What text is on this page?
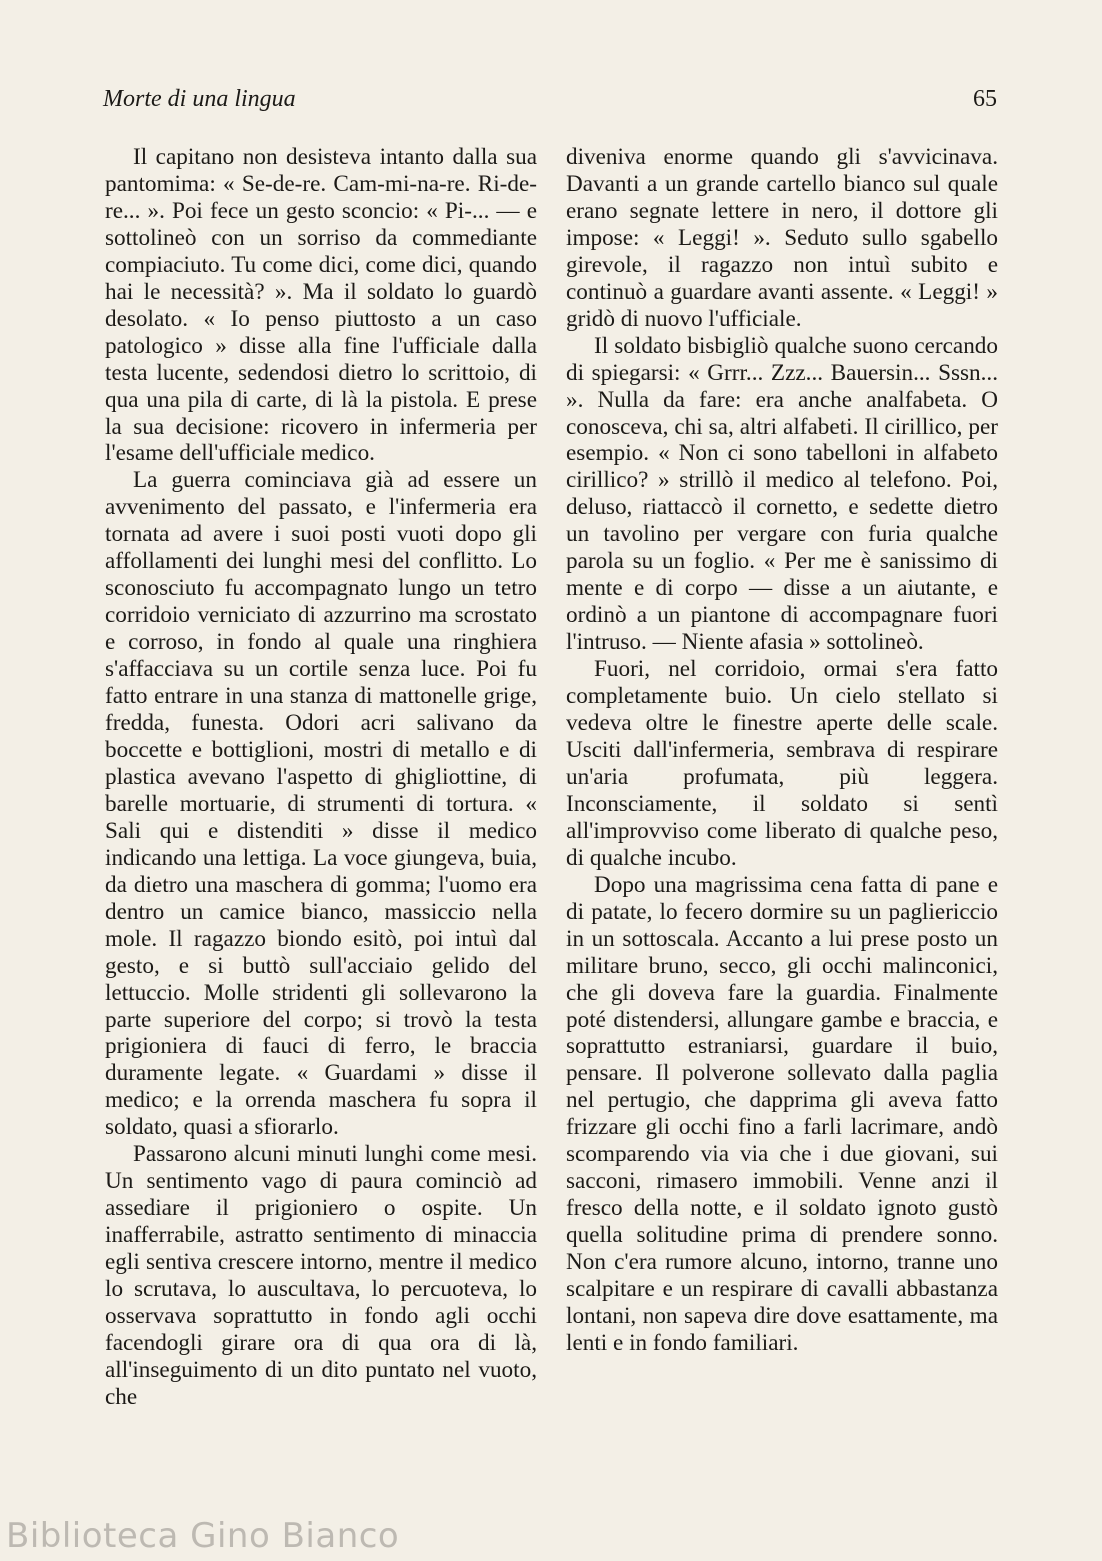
Morte di una lingua	65

Il capitano non desisteva intanto dalla sua pantomima: « Se-de-re. Cam-mi-na-re. Ri-de-re... ». Poi fece un gesto sconcio: « Pi-... — e sottolineò con un sorriso da commediante compiaciuto. Tu come dici, come dici, quando hai le necessità? ». Ma il soldato lo guardò desolato. « Io penso piuttosto a un caso patologico » disse alla fine l'ufficiale dalla testa lucente, sedendosi dietro lo scrittoio, di qua una pila di carte, di là la pistola. E prese la sua decisione: ricovero in infermeria per l'esame dell'ufficiale medico.

La guerra cominciava già ad essere un avvenimento del passato, e l'infermeria era tornata ad avere i suoi posti vuoti dopo gli affollamenti dei lunghi mesi del conflitto. Lo sconosciuto fu accompagnato lungo un tetro corridoio verniciato di azzurrino ma scrostato e corroso, in fondo al quale una ringhiera s'affacciava su un cortile senza luce. Poi fu fatto entrare in una stanza di mattonelle grige, fredda, funesta. Odori acri salivano da boccette e bottiglioni, mostri di metallo e di plastica avevano l'aspetto di ghigliottine, di barelle mortuarie, di strumenti di tortura. « Sali qui e distenditi » disse il medico indicando una lettiga. La voce giungeva, buia, da dietro una maschera di gomma; l'uomo era dentro un camice bianco, massiccio nella mole. Il ragazzo biondo esitò, poi intuì dal gesto, e si buttò sull'acciaio gelido del lettuccio. Molle stridenti gli sollevarono la parte superiore del corpo; si trovò la testa prigioniera di fauci di ferro, le braccia duramente legate. « Guardami » disse il medico; e la orrenda maschera fu sopra il soldato, quasi a sfiorarlo.

Passarono alcuni minuti lunghi come mesi. Un sentimento vago di paura cominciò ad assediare il prigioniero o ospite. Un inafferrabile, astratto sentimento di minaccia egli sentiva crescere intorno, mentre il medico lo scrutava, lo auscultava, lo percuoteva, lo osservava soprattutto in fondo agli occhi facendogli girare ora di qua ora di là, all'inseguimento di un dito puntato nel vuoto, che

diveniva enorme quando gli s'avvicinava. Davanti a un grande cartello bianco sul quale erano segnate lettere in nero, il dottore gli impose: « Leggi! ». Seduto sullo sgabello girevole, il ragazzo non intuì subito e continuò a guardare avanti assente. « Leggi! » gridò di nuovo l'ufficiale.

Il soldato bisbigliò qualche suono cercando di spiegarsi: « Grrr... Zzz... Bauersin... Sssn... ». Nulla da fare: era anche analfabeta. O conosceva, chi sa, altri alfabeti. Il cirillico, per esempio. « Non ci sono tabelloni in alfabeto cirillico? » strillò il medico al telefono. Poi, deluso, riattaccò il cornetto, e sedette dietro un tavolino per vergare con furia qualche parola su un foglio. « Per me è sanissimo di mente e di corpo — disse a un aiutante, e ordinò a un piantone di accompagnare fuori l'intruso. — Niente afasia » sottolineò.

Fuori, nel corridoio, ormai s'era fatto completamente buio. Un cielo stellato si vedeva oltre le finestre aperte delle scale. Usciti dall'infermeria, sembrava di respirare un'aria profumata, più leggera. Inconsciamente, il soldato si sentì all'improvviso come liberato di qualche peso, di qualche incubo.

Dopo una magrissima cena fatta di pane e di patate, lo fecero dormire su un pagliericcio in un sottoscala. Accanto a lui prese posto un militare bruno, secco, gli occhi malinconici, che gli doveva fare la guardia. Finalmente poté distendersi, allungare gambe e braccia, e soprattutto estraniarsi, guardare il buio, pensare. Il polverone sollevato dalla paglia nel pertugio, che dapprima gli aveva fatto frizzare gli occhi fino a farli lacrimare, andò scomparendo via via che i due giovani, sui sacconi, rimasero immobili. Venne anzi il fresco della notte, e il soldato ignoto gustò quella solitudine prima di prendere sonno. Non c'era rumore alcuno, intorno, tranne uno scalpitare e un respirare di cavalli abbastanza lontani, non sapeva dire dove esattamente, ma lenti e in fondo familiari.

Biblioteca Gino Bianco
